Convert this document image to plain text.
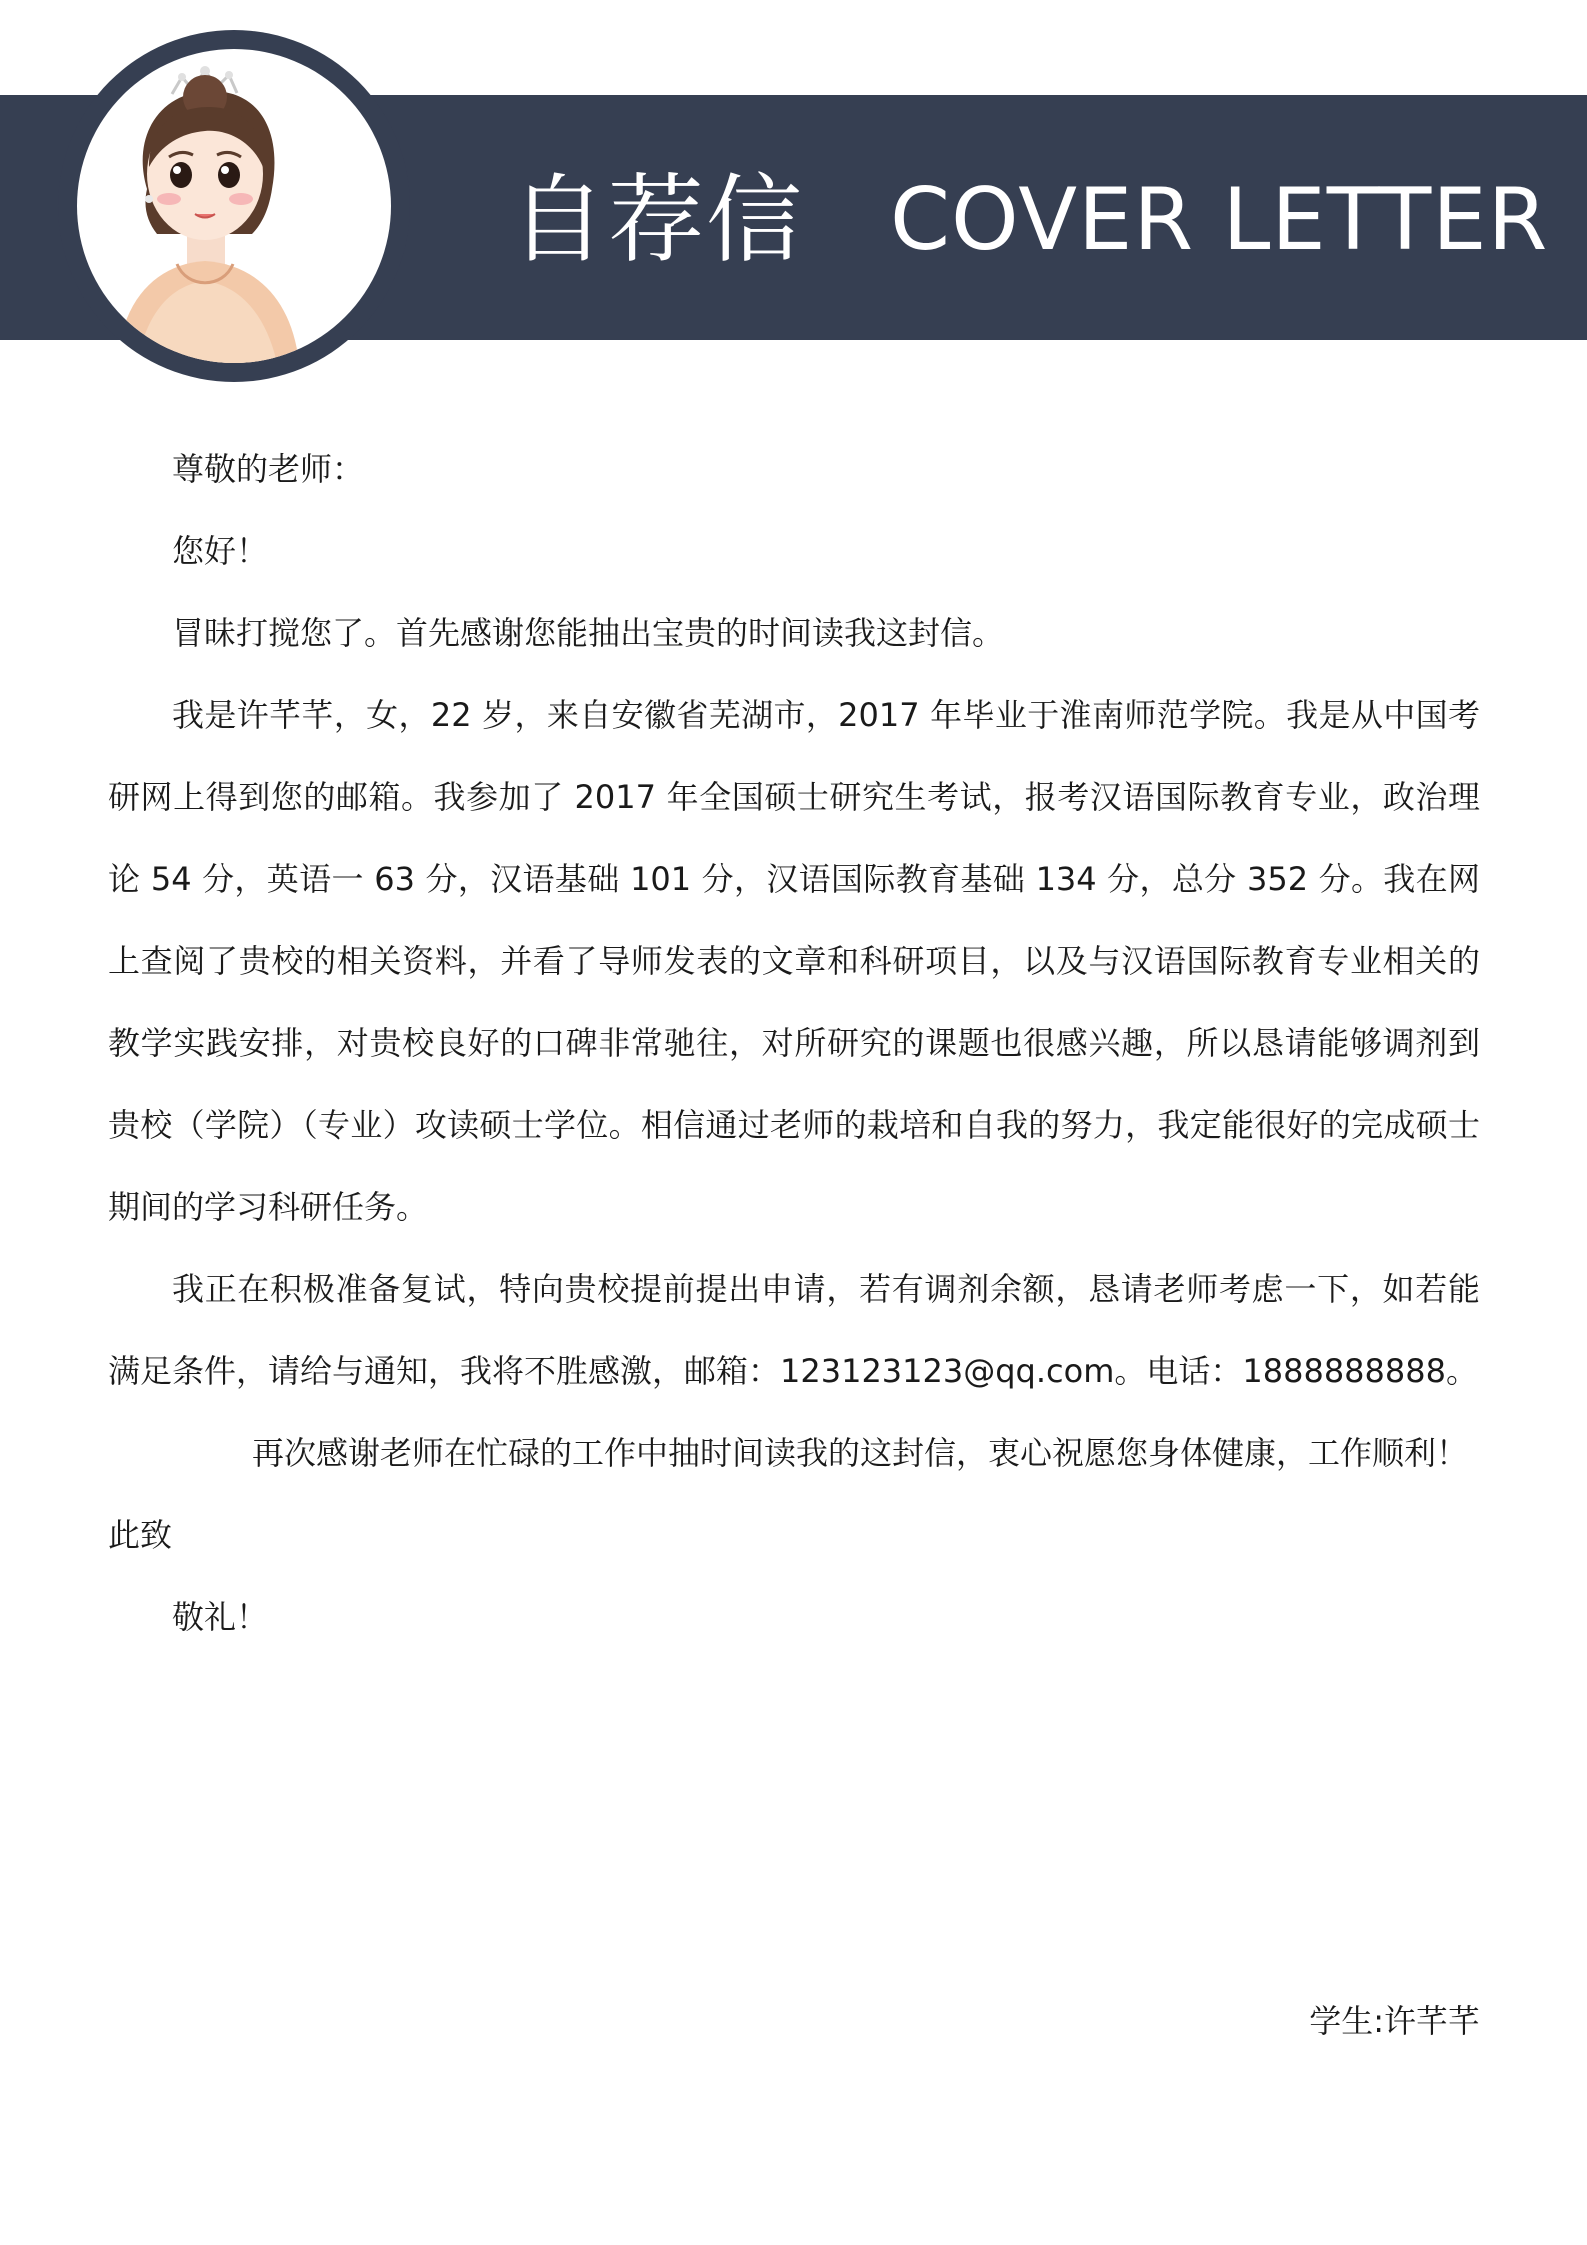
自荐信 COVER LETTER

尊敬的老师：

您好！

冒昧打搅您了。首先感谢您能抽出宝贵的时间读我这封信。

我是许芊芊，女，22 岁，来自安徽省芜湖市，2017 年毕业于淮南师范学院。我是从中国考研网上得到您的邮箱。我参加了 2017 年全国硕士研究生考试，报考汉语国际教育专业，政治理论 54 分，英语一 63 分，汉语基础 101 分，汉语国际教育基础 134 分，总分 352 分。我在网上查阅了贵校的相关资料，并看了导师发表的文章和科研项目，以及与汉语国际教育专业相关的教学实践安排，对贵校良好的口碑非常驰往，对所研究的课题也很感兴趣，所以恳请能够调剂到贵校（学院）（专业）攻读硕士学位。相信通过老师的栽培和自我的努力，我定能很好的完成硕士期间的学习科研任务。

我正在积极准备复试，特向贵校提前提出申请，若有调剂余额，恳请老师考虑一下，如若能满足条件，请给与通知，我将不胜感激，邮箱：123123123@qq.com。电话：1888888888。

再次感谢老师在忙碌的工作中抽时间读我的这封信，衷心祝愿您身体健康，工作顺利！

此致

敬礼！

学生:许芊芊
